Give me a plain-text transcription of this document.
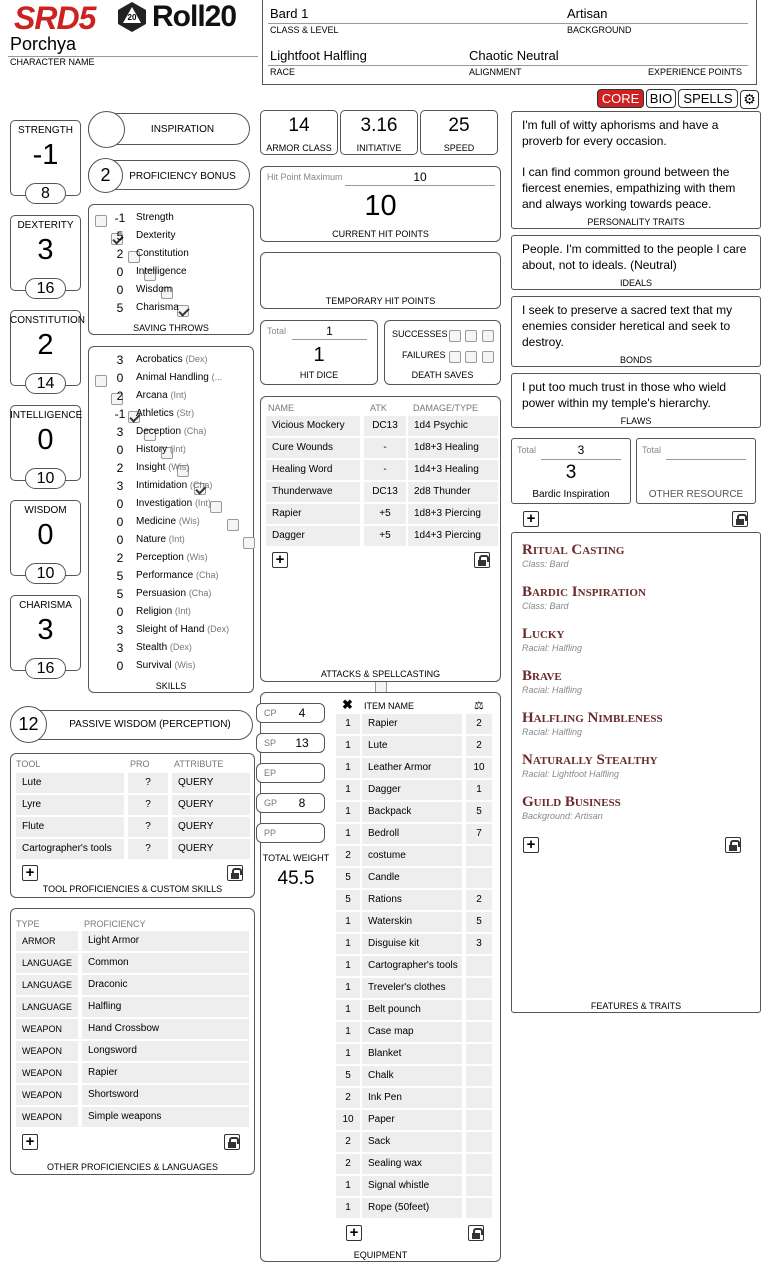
SRD5	20 Roll20
Porchya
CHARACTER NAME
Bard 1
CLASS & LEVEL
Artisan
BACKGROUND
Lightfoot Halfling
RACE
Chaotic Neutral
ALIGNMENT	EXPERIENCE POINTS
CORE BIO SPELLS ⚙
STRENGTH
-1
8
DEXTERITY
3
16
CONSTITUTION
2
14
INTELLIGENCE
0
10
WISDOM
0
10
CHARISMA
3
16
INSPIRATION
2	PROFICIENCY BONUS

-1	Strength

5	Dexterity

2	Constitution

0	Intelligence

0	Wisdom
5	Charisma
SAVING THROWS

3	Acrobatics (Dex)

0	Animal Handling (...

2	Arcana (Int)

-1	Athletics (Str)

3	Deception (Cha)

0	History (Int)

2	Insight (Wis)

3	Intimidation (Cha)

0	Investigation (Int)

0	Medicine (Wis)

0	Nature (Int)

2	Perception (Wis)

5	Performance (Cha)

5	Persuasion (Cha)

0	Religion (Int)

3	Sleight of Hand (Dex)

3	Stealth (Dex)
0	Survival (Wis)
SKILLS
12	PASSIVE WISDOM (PERCEPTION)
TOOL	PRO	ATTRIBUTE
Lute	?	QUERY
Lyre	?	QUERY
Flute	?	QUERY
Cartographer's tools	?	QUERY
+
TOOL PROFICIENCIES & CUSTOM SKILLS
TYPE	PROFICIENCY
ARMOR	Light Armor
LANGUAGE	Common
LANGUAGE	Draconic
LANGUAGE	Halfling
WEAPON	Hand Crossbow
WEAPON	Longsword
WEAPON	Rapier
WEAPON	Shortsword
WEAPON	Simple weapons
+
OTHER PROFICIENCIES & LANGUAGES
14
ARMOR CLASS
3.16
INITIATIVE
25
SPEED
Hit Point Maximum	10
10
CURRENT HIT POINTS
TEMPORARY HIT POINTS
Total	1
1
HIT DICE
SUCCESSES
FAILURES

DEATH SAVES
NAME	ATK	DAMAGE/TYPE
Vicious Mockery	DC13	1d4 Psychic
Cure Wounds	-	1d8+3 Healing
Healing Word	-	1d4+3 Healing
Thunderwave	DC13	2d8 Thunder
Rapier	+5	1d8+3 Piercing
Dagger	+5	1d4+3 Piercing
+
ATTACKS & SPELLCASTING
CP	4
SP	13
EP
GP	8
PP
TOTAL WEIGHT
45.5
✖ ITEM NAME	⚖
1	Rapier	2
1	Lute	2
1	Leather Armor	10
1	Dagger	1
1	Backpack	5
1	Bedroll	7
2	costume
5	Candle
5	Rations	2
1	Waterskin	5
1	Disguise kit	3
1	Cartographer's tools
1	Treveler's clothes
1	Belt pounch
1	Case map
1	Blanket
5	Chalk
2	Ink Pen
10	Paper
2	Sack
2	Sealing wax
1	Signal whistle
1	Rope (50feet)
+
EQUIPMENT
I'm full of witty aphorisms and have a proverb for every occasion.
I can find common ground between the fiercest enemies, empathizing with them and always working towards peace.
PERSONALITY TRAITS
People. I'm committed to the people I care about, not to ideals. (Neutral)
IDEALS
I seek to preserve a sacred text that my enemies consider heretical and seek to destroy.
BONDS
I put too much trust in those who wield power within my temple's hierarchy.
FLAWS
Total	3
3
Bardic Inspiration
Total
OTHER RESOURCE
+
Ritual Casting
Class: Bard
Bardic Inspiration
Class: Bard
Lucky
Racial: Halfling
Brave
Racial: Halfling
Halfling Nimbleness
Racial: Halfling
Naturally Stealthy
Racial: Lightfoot Halfling
Guild Business
Background: Artisan
+
FEATURES & TRAITS
